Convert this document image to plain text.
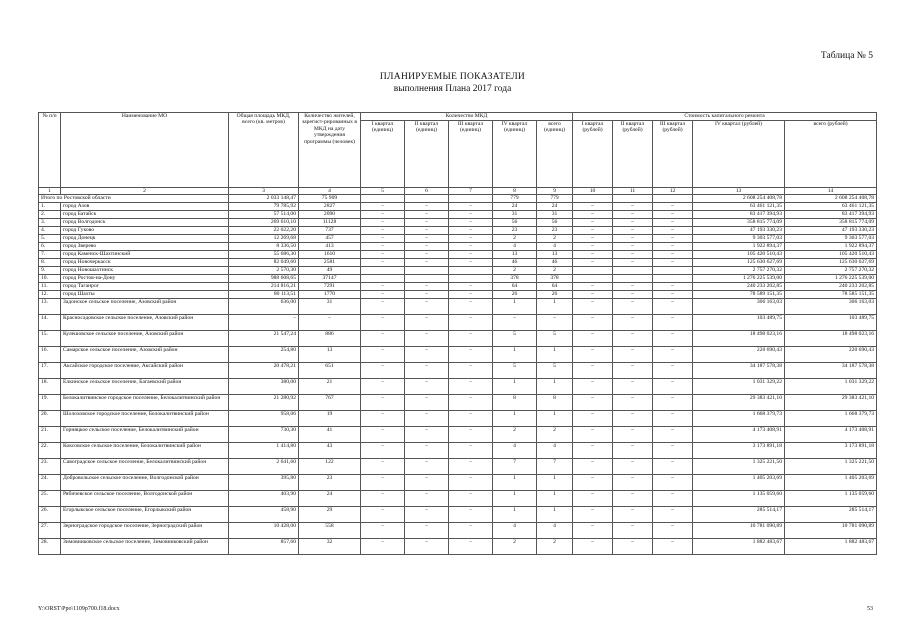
Таблица № 5
ПЛАНИРУЕМЫЕ ПОКАЗАТЕЛИ
выполнения Плана 2017 года
№ п/п	Наименование МО	Общая площадь МКД, всего (кв. метров)	Количество жителей, зарегист-рированных в МКД на дату утверждения программы (человек)	Количество МКД					Стоимость капитального ремонта				
				I квартал (единиц)	II квартал (единиц)	III квартал (единиц)	IV квартал (единиц)	всего (единиц)	I квартал (рублей)	II квартал (рублей)	III квартал (рублей)	IV квартал (рублей)	всего (рублей)
1	2	3	4	5	6	7	8	9	10	11	12	13	14
Итого по Ростовской области		2 033 148,47	75 909				779	779				2 608 254 408,78	2 608 254 408,78
1.	город Азов	79 785,92	2827	–	–	–	24	24	–	–	–	63 461 121,35	63 461 121,35
2.	город Батайск	57 514,00	2090	–	–	–	31	31	–	–	–	83 417 394,93	83 417 394,93
3.	город Волгодонск	269 610,10	11128	–	–	–	56	56	–	–	–	358 815 774,09	358 815 774,09
4.	город Гуково	22 022,20	737	–	–	–	23	23	–	–	–	47 193 330,23	47 193 330,23
5.	город Донецк	12 269,68	457	–	–	–	2	2	–	–	–	9 303 577,03	9 303 577,03
6.	город Зверево	8 336,50	413	–	–	–	4	4	–	–	–	1 922 894,37	1 922 894,37
7.	город Каменск-Шахтинский	55 686,30	1610	–	–	–	13	13	–	–	–	105 420 510,43	105 420 510,43
8.	город Новочеркасск	82 049,60	2581	–	–	–	46	46	–	–	–	125 630 627,69	125 630 627,69
9.	город Новошахтинск	2 570,30	49				2	2				2 757 270,32	2 757 270,32
10.	город Ростов-на-Дону	988 608,65	37147				378	378				1 276 225 539,00	1 276 225 539,00
11.	город Таганрог	214 816,21	7291	–	–	–	64	64	–	–	–	240 233 202,85	240 233 202,85
12.	город Шахты	80 113,51	1770	–	–	–	26	26	–	–	–	78 589 151,35	78 585 151,35
13.	Задонское сельское поселение, Азовский район	636,00	31	–	–	–	1	1	–	–	–	306 163,03	306 163,03
14.	Красносадовское сельское поселение, Азовский район	–	–	–	–	–	–	–	–	–	–	103 489,75	103 489,75
15.	Кулешовское сельское поселение, Азовский район	21 547,24	886	–	–	–	5	5	–	–	–	18 498 023,16	18 498 023,16
16.	Самарское сельское поселение, Азовский район	254,80	13	–	–	–	1	1	–	–	–	220 690,43	220 690,43
17.	Аксайское городское поселение, Аксайский район	20 478,21	651	–	–	–	5	5	–	–	–	34 187 578,38	34 187 578,38
18.	Елкинское сельское поселение, Багаевский район	380,00	21	–	–	–	1	1	–	–	–	1 031 329,22	1 031 329,22
19.	Белокалитвинское городское поселение, Белокалитвинский район	21 280,92	767	–	–	–	8	8	–	–	–	29 383 421,10	29 383 421,10
20.	Шолоховское городское поселение, Белокалитвинский район	958,06	19	–	–	–	1	1	–	–	–	1 668 379,73	1 668 379,73
21.	Горняцкое сельское поселение, Белокалитвинский район	730,30	41	–	–	–	2	2	–	–	–	4 173 408,91	4 173 408,91
22.	Коксовское сельское поселение, Белокалитвинский район	1 414,80	43	–	–	–	4	4	–	–	–	3 173 891,18	3 173 891,18
23.	Савоградское сельское поселение, Белокалитвинский район	2 641,60	122	–	–	–	7	7	–	–	–	1 325 221,50	1 325 221,50
24.	Добровольское сельское поселение, Волгодонской район	395,80	23	–	–	–	1	1	–	–	–	1 405 203,69	1 405 203,69
25.	Рябичевское сельское поселение, Волгодонской район	403,90	24	–	–	–	1	1	–	–	–	1 135 059,60	1 135 059,60
26.	Егорлыкское сельское поселение, Егорлыкский район	458,90	29	–	–	–	1	1	–	–	–	285 514,17	285 514,17
27.	Зерноградское городское поселение, Зерноградский район	10 428,00	558	–	–	–	4	4	–	–	–	10 781 090,89	10 781 090,89
28.	Зимовниковское сельское поселение, Зимовниковский район	857,60	32	–	–	–	2	2	–	–	–	1 882 483,67	1 882 483,67
Y:\ORST\Ppo\1109p700.f18.docx	53
